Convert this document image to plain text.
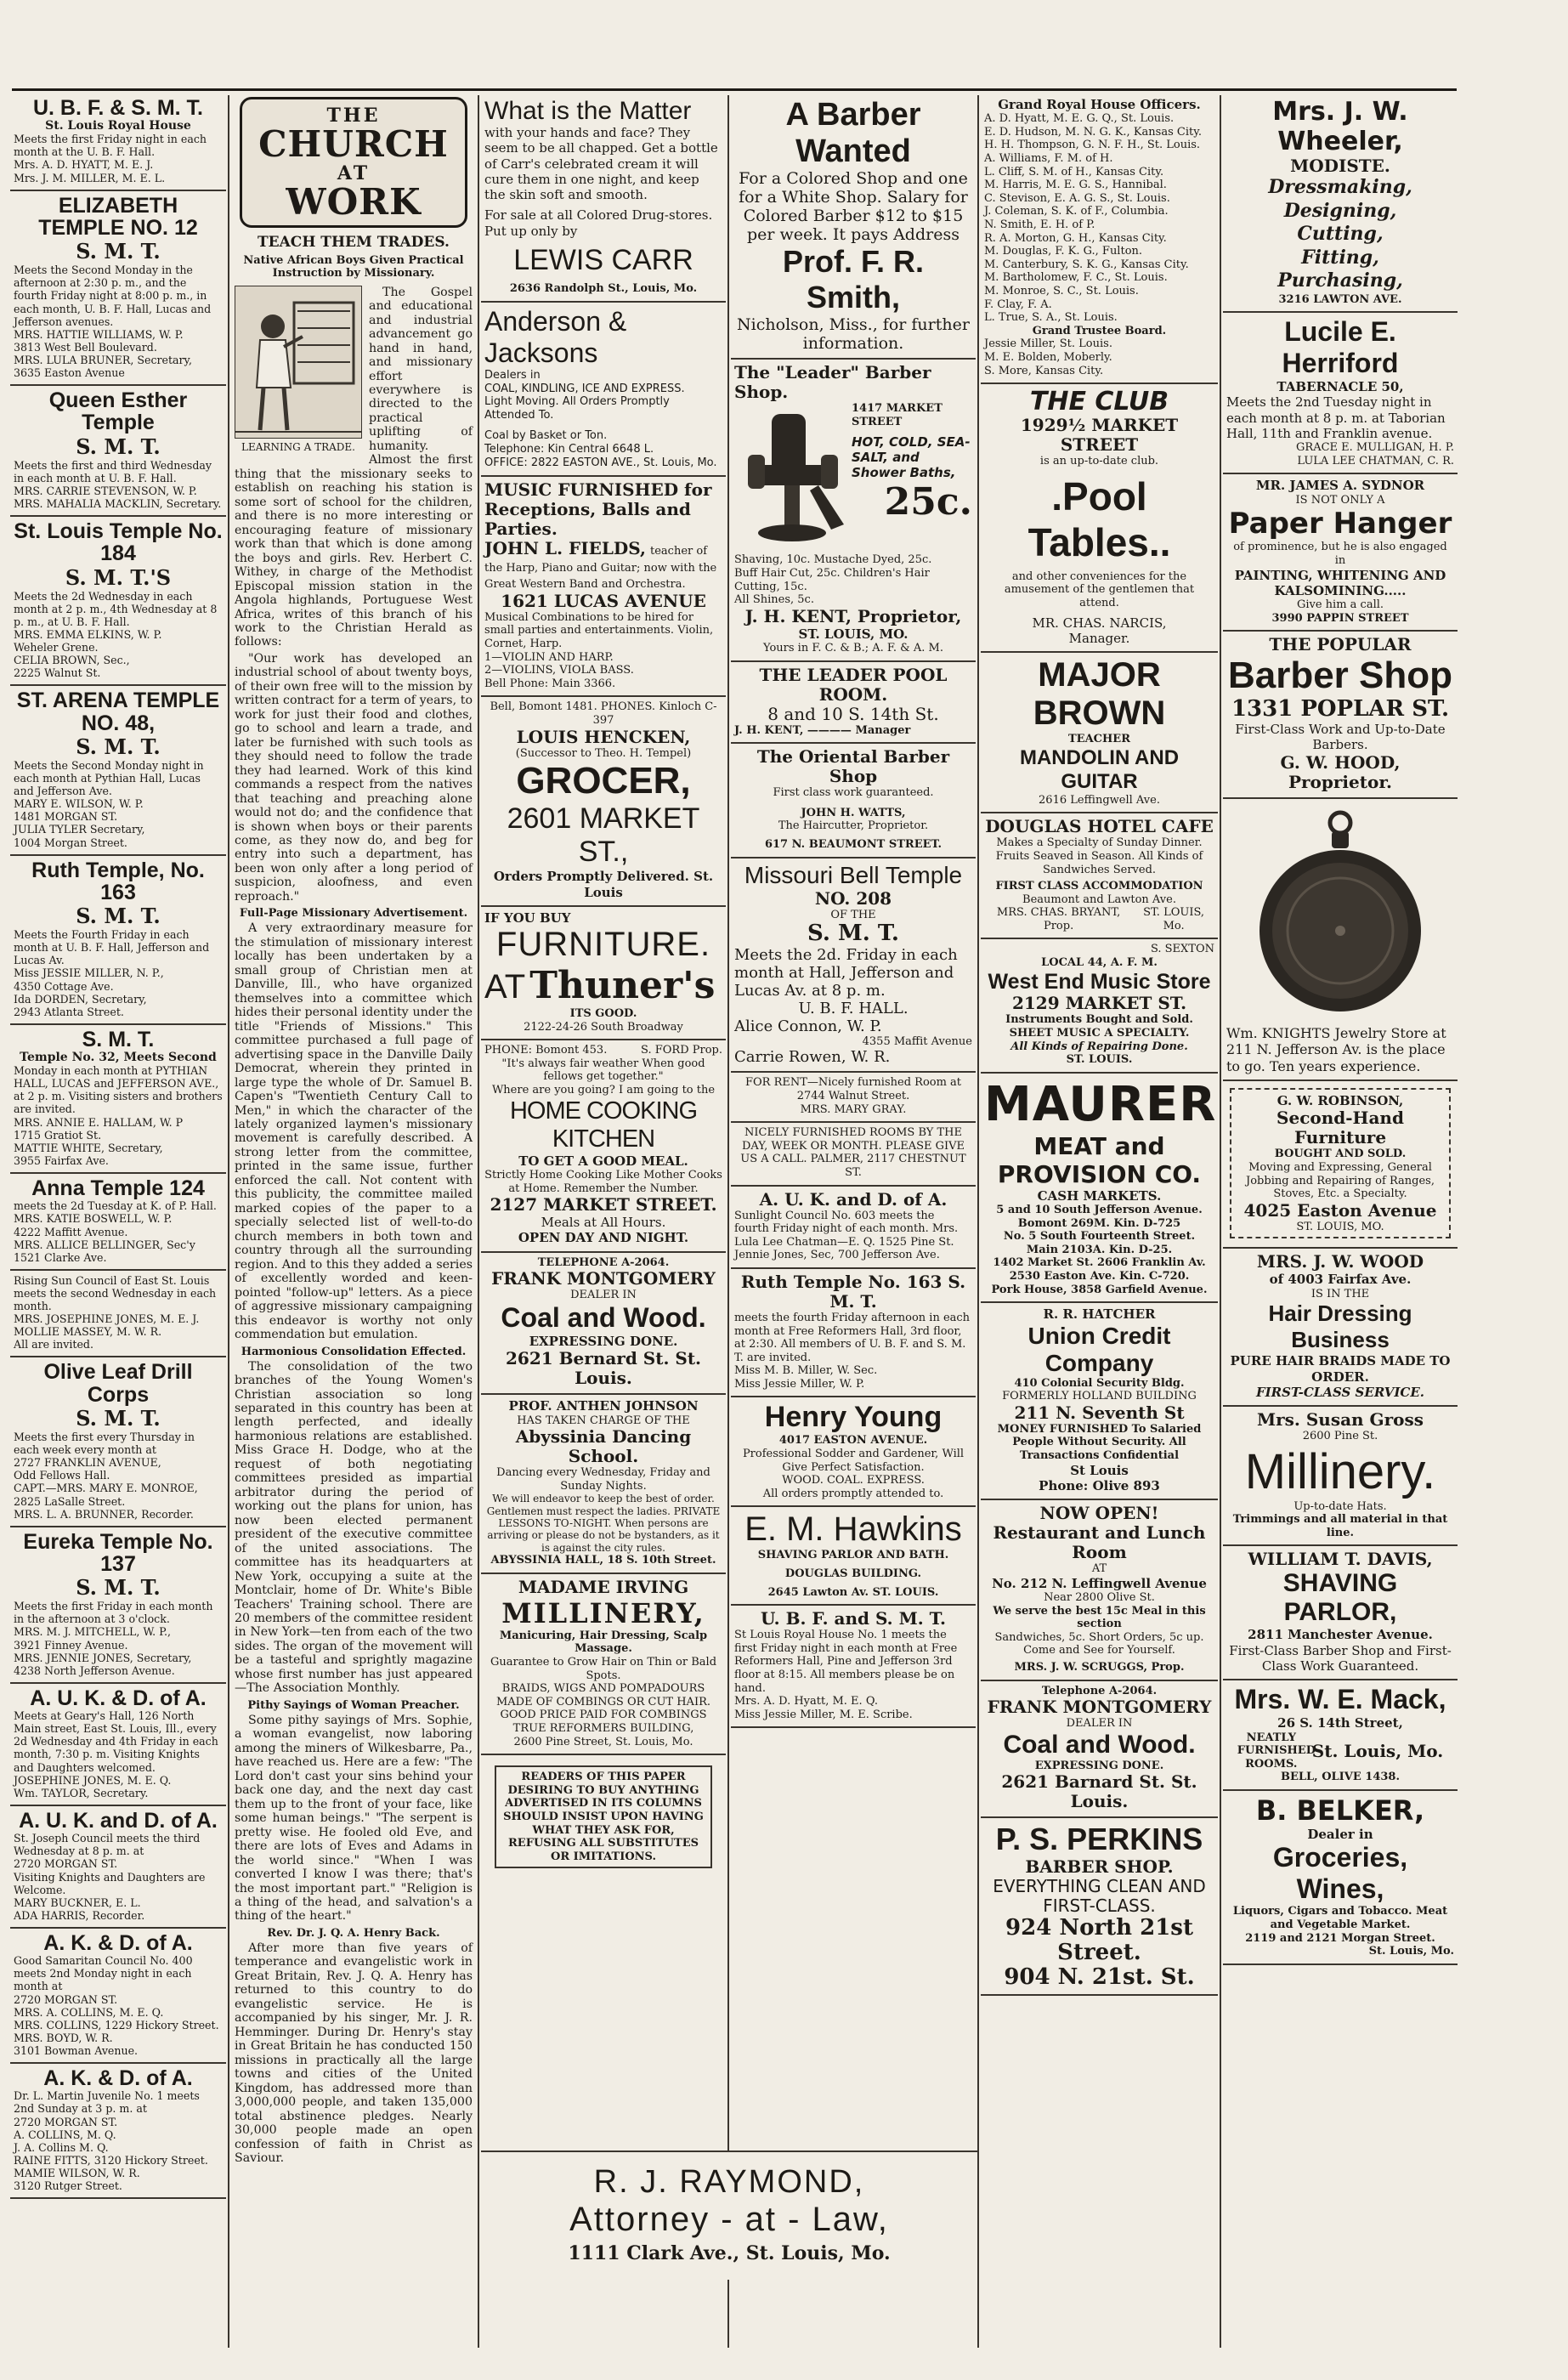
U. B. F. & S. M. T.
St. Louis Royal House
Meets the first Friday night in each month at the U. B. F. Hall.
Mrs. A. D. HYATT, M. E. J.
Mrs. J. M. MILLER, M. E. L.
ELIZABETH TEMPLE NO. 12
S. M. T.
Meets the Second Monday in the afternoon at 2:30 p. m., and the fourth Friday night at 8:00 p. m., in each month, U. B. F. Hall, Lucas and Jefferson avenues.
MRS. HATTIE WILLIAMS, W. P.
3813 West Bell Boulevard.
MRS. LULA BRUNER, Secretary,
3635 Easton Avenue
Queen Esther Temple
S. M. T.
Meets the first and third Wednesday in each month at U. B. F. Hall.
MRS. CARRIE STEVENSON, W. P.
MRS. MAHALIA MACKLIN, Secretary.
St. Louis Temple No. 184
S. M. T.'S
Meets the 2d Wednesday in each month at 2 p. m., 4th Wednesday at 8 p. m., at U. B. F. Hall.
MRS. EMMA ELKINS, W. P.
Weheler Grene.
CELIA BROWN, Sec.,
2225 Walnut St.
ST. ARENA TEMPLE NO. 48,
S. M. T.
Meets the Second Monday night in each month at Pythian Hall, Lucas and Jefferson Ave.
MARY E. WILSON, W. P.
1481 MORGAN ST.
JULIA TYLER Secretary,
1004 Morgan Street.
Ruth Temple, No. 163
S. M. T.
Meets the Fourth Friday in each month at U. B. F. Hall, Jefferson and Lucas Av.
Miss JESSIE MILLER, N. P.,
4350 Cottage Ave.
Ida DORDEN, Secretary,
2943 Atlanta Street.
S. M. T.
Temple No. 32, Meets Second
Monday in each month at PYTHIAN HALL, LUCAS and JEFFERSON AVE., at 2 p. m. Visiting sisters and brothers are invited.
MRS. ANNIE E. HALLAM, W. P
1715 Gratiot St.
MATTIE WHITE, Secretary,
3955 Fairfax Ave.
Anna Temple 124
meets the 2d Tuesday at K. of P. Hall.
MRS. KATIE BOSWELL, W. P.
4222 Maffitt Avenue.
MRS. ALLICE BELLINGER, Sec'y
1521 Clarke Ave.
Rising Sun Council of East St. Louis meets the second Wednesday in each month.
MRS. JOSEPHINE JONES, M. E. J.
MOLLIE MASSEY, M. W. R.
All are invited.
Olive Leaf Drill Corps
S. M. T.
Meets the first every Thursday in each week every month at
2727 FRANKLIN AVENUE,
Odd Fellows Hall.
CAPT.—MRS. MARY E. MONROE,
2825 LaSalle Street.
MRS. L. A. BRUNNER, Recorder.
Eureka Temple No. 137
S. M. T.
Meets the first Friday in each month in the afternoon at 3 o'clock.
MRS. M. J. MITCHELL, W. P.,
3921 Finney Avenue.
MRS. JENNIE JONES, Secretary,
4238 North Jefferson Avenue.
A. U. K. & D. of A.
Meets at Geary's Hall, 126 North Main street, East St. Louis, Ill., every 2d Wednesday and 4th Friday in each month, 7:30 p. m. Visiting Knights and Daughters welcomed.
JOSEPHINE JONES, M. E. Q.
Wm. TAYLOR, Secretary.
A. U. K. and D. of A.
St. Joseph Council meets the third Wednesday at 8 p. m. at
2720 MORGAN ST.
Visiting Knights and Daughters are Welcome.
MARY BUCKNER, E. L.
ADA HARRIS, Recorder.
A. K. & D. of A.
Good Samaritan Council No. 400 meets 2nd Monday night in each month at
2720 MORGAN ST.
MRS. A. COLLINS, M. E. Q.
MRS. COLLINS, 1229 Hickory Street.
MRS. BOYD, W. R.
3101 Bowman Avenue.
A. K. & D. of A.
Dr. L. Martin Juvenile No. 1 meets 2nd Sunday at 3 p. m. at
2720 MORGAN ST.
A. COLLINS, M. Q.
J. A. Collins M. Q.
RAINE FITTS, 3120 Hickory Street.
MAMIE WILSON, W. R.
3120 Rutger Street.
THE
CHURCH
AT
WORK
TEACH THEM TRADES.
Native African Boys Given Practical Instruction by Missionary.
LEARNING A TRADE.

The Gospel and educational and industrial advancement go hand in hand, and missionary effort everywhere is directed to the practical uplifting of humanity. Almost the first thing that the missionary seeks to establish on reaching his station is some sort of school for the children, and there is no more interesting or encouraging feature of missionary work than that which is done among the boys and girls. Rev. Herbert C. Withey, in charge of the Methodist Episcopal mission station in the Angola highlands, Portuguese West Africa, writes of this branch of his work to the Christian Herald as follows:

"Our work has developed an industrial school of about twenty boys, of their own free will to the mission by written contract for a term of years, to work for just their food and clothes, go to school and learn a trade, and later be furnished with such tools as they should need to follow the trade they had learned. Work of this kind commands a respect from the natives that teaching and preaching alone would not do; and the confidence that is shown when boys or their parents come, as they now do, and beg for entry into such a department, has been won only after a long period of suspicion, aloofness, and even reproach."

Full-Page Missionary Advertisement.

A very extraordinary measure for the stimulation of missionary interest locally has been undertaken by a small group of Christian men at Danville, Ill., who have organized themselves into a committee which hides their personal identity under the title "Friends of Missions." This committee purchased a full page of advertising space in the Danville Daily Democrat, wherein they printed in large type the whole of Dr. Samuel B. Capen's "Twentieth Century Call to Men," in which the character of the lately organized laymen's missionary movement is carefully described. A strong letter from the committee, printed in the same issue, further enforced the call. Not content with this publicity, the committee mailed marked copies of the paper to a specially selected list of well-to-do church members in both town and country through all the surrounding region. And to this they added a series of excellently worded and keen-pointed "follow-up" letters. As a piece of aggressive missionary campaigning this endeavor is worthy not only commendation but emulation.

Harmonious Consolidation Effected.

The consolidation of the two branches of the Young Women's Christian association so long separated in this country has been at length perfected, and ideally harmonious relations are established. Miss Grace H. Dodge, who at the request of both negotiating committees presided as impartial arbitrator during the period of working out the plans for union, has now been elected permanent president of the executive committee of the united associations. The committee has its headquarters at New York, occupying a suite at the Montclair, home of Dr. White's Bible Teachers' Training school. There are 20 members of the committee resident in New York—ten from each of the two sides. The organ of the movement will be a tasteful and sprightly magazine whose first number has just appeared—The Association Monthly.

Pithy Sayings of Woman Preacher.

Some pithy sayings of Mrs. Sophie, a woman evangelist, now laboring among the miners of Wilkesbarre, Pa., have reached us. Here are a few: "The Lord don't cast your sins behind your back one day, and the next day cast them up to the front of your face, like some human beings." "The serpent is pretty wise. He fooled old Eve, and there are lots of Eves and Adams in the world since." "When I was converted I know I was there; that's the most important part." "Religion is a thing of the head, and salvation's a thing of the heart."

Rev. Dr. J. Q. A. Henry Back.

After more than five years of temperance and evangelistic work in Great Britain, Rev. J. Q. A. Henry has returned to this country to do evangelistic service. He is accompanied by his singer, Mr. J. R. Hemminger. During Dr. Henry's stay in Great Britain he has conducted 150 missions in practically all the large towns and cities of the United Kingdom, has addressed more than 3,000,000 people, and taken 135,000 total abstinence pledges. Nearly 30,000 people made an open confession of faith in Christ as Saviour.

What is the Matter
with your hands and face? They seem to be all chapped. Get a bottle of Carr's celebrated cream it will cure them in one night, and keep the skin soft and smooth.
For sale at all Colored Drug-stores. Put up only by
LEWIS CARR
2636 Randolph St., Louis, Mo.
Anderson & Jacksons
Dealers in
COAL, KINDLING, ICE AND EXPRESS.
Light Moving. All Orders Promptly Attended To.
Coal by Basket or Ton.
Telephone: Kin Central 6648 L.
OFFICE: 2822 EASTON AVE., St. Louis, Mo.
MUSIC FURNISHED for Receptions, Balls and Parties.
JOHN L. FIELDS, teacher of the Harp, Piano and Guitar; now with the Great Western Band and Orchestra.
1621 LUCAS AVENUE
Musical Combinations to be hired for small parties and entertainments. Violin, Cornet, Harp.
1—VIOLIN AND HARP.
2—VIOLINS, VIOLA BASS.
Bell Phone: Main 3366.
Bell, Bomont 1481. PHONES. Kinloch C-397
LOUIS HENCKEN,
(Successor to Theo. H. Tempel)
GROCER,
2601 MARKET ST.,
Orders Promptly Delivered. St. Louis
IF YOU BUY
FURNITURE.
AT Thuner's
ITS GOOD.
2122-24-26 South Broadway
PHONE: Bomont 453.	S. FORD Prop.
"It's always fair weather When good fellows get together."
Where are you going? I am going to the
HOME COOKING KITCHEN
TO GET A GOOD MEAL.
Strictly Home Cooking Like Mother Cooks at Home. Remember the Number.
2127 MARKET STREET.
Meals at All Hours.
OPEN DAY AND NIGHT.
TELEPHONE A-2064.
FRANK MONTGOMERY
DEALER IN
Coal and Wood.
EXPRESSING DONE.
2621 Bernard St. St. Louis.
PROF. ANTHEN JOHNSON
HAS TAKEN CHARGE OF THE
Abyssinia Dancing School.
Dancing every Wednesday, Friday and Sunday Nights.
We will endeavor to keep the best of order. Gentlemen must respect the ladies. PRIVATE LESSONS TO-NIGHT. When persons are arriving or please do not be bystanders, as it is against the city rules.
ABYSSINIA HALL, 18 S. 10th Street.
MADAME IRVING
MILLINERY,
Manicuring, Hair Dressing, Scalp Massage.
Guarantee to Grow Hair on Thin or Bald Spots.
BRAIDS, WIGS AND POMPADOURS MADE OF COMBINGS OR CUT HAIR.
GOOD PRICE PAID FOR COMBINGS
TRUE REFORMERS BUILDING,
2600 Pine Street, St. Louis, Mo.
READERS OF THIS PAPER DESIRING TO BUY ANYTHING ADVERTISED IN ITS COLUMNS SHOULD INSIST UPON HAVING WHAT THEY ASK FOR, REFUSING ALL SUBSTITUTES OR IMITATIONS.
R. J. RAYMOND,
Attorney - at - Law,
1111 Clark Ave., St. Louis, Mo.
A Barber Wanted
For a Colored Shop and one for a White Shop. Salary for Colored Barber $12 to $15 per week. It pays Address
Prof. F. R. Smith,
Nicholson, Miss., for further information.
The "Leader" Barber Shop.
1417 MARKET STREET
HOT, COLD, SEA-SALT, and Shower Baths,
25c.
Shaving, 10c. Mustache Dyed, 25c.
Buff Hair Cut, 25c. Children's Hair Cutting, 15c.
All Shines, 5c.
J. H. KENT, Proprietor,
ST. LOUIS, MO.
Yours in F. C. & B.; A. F. & A. M.
THE LEADER POOL ROOM.
8 and 10 S. 14th St.
J. H. KENT, ———— Manager
The Oriental Barber Shop
First class work guaranteed.
JOHN H. WATTS,
The Haircutter, Proprietor.
617 N. BEAUMONT STREET.
Missouri Bell Temple
NO. 208
OF THE
S. M. T.
Meets the 2d. Friday in each month at Hall, Jefferson and Lucas Av. at 8 p. m.
U. B. F. HALL.
Alice Connon, W. P.
4355 Maffit Avenue
Carrie Rowen, W. R.
FOR RENT—Nicely furnished Room at 2744 Walnut Street.
MRS. MARY GRAY.
NICELY FURNISHED ROOMS BY THE DAY, WEEK OR MONTH. PLEASE GIVE US A CALL. PALMER, 2117 CHESTNUT ST.
A. U. K. and D. of A.
Sunlight Council No. 603 meets the fourth Friday night of each month. Mrs. Lula Lee Chatman—E. Q. 1525 Pine St. Jennie Jones, Sec, 700 Jefferson Ave.
Ruth Temple No. 163 S. M. T.
meets the fourth Friday afternoon in each month at Free Reformers Hall, 3rd floor, at 2:30. All members of U. B. F. and S. M. T. are invited.
Miss M. B. Miller, W. Sec.
Miss Jessie Miller, W. P.
Henry Young
4017 EASTON AVENUE.
Professional Sodder and Gardener, Will Give Perfect Satisfaction.
WOOD. COAL. EXPRESS.
All orders promptly attended to.
E. M. Hawkins
SHAVING PARLOR AND BATH.
DOUGLAS BUILDING.
2645 Lawton Av. ST. LOUIS.
U. B. F. and S. M. T.
St Louis Royal House No. 1 meets the first Friday night in each month at Free Reformers Hall, Pine and Jefferson 3rd floor at 8:15. All members please be on hand.
Mrs. A. D. Hyatt, M. E. Q.
Miss Jessie Miller, M. E. Scribe.
Grand Royal House Officers.
A. D. Hyatt, M. E. G. Q., St. Louis.
E. D. Hudson, M. N. G. K., Kansas City.
H. H. Thompson, G. N. F. H., St. Louis.
A. Williams, F. M. of H.
L. Cliff, S. M. of H., Kansas City.
M. Harris, M. E. G. S., Hannibal.
C. Stevison, E. A. G. S., St. Louis.
J. Coleman, S. K. of F., Columbia.
N. Smith, E. H. of P.
R. A. Morton, G. H., Kansas City.
M. Douglas, F. K. G., Fulton.
M. Canterbury, S. K. G., Kansas City.
M. Bartholomew, F. C., St. Louis.
M. Monroe, S. C., St. Louis.
F. Clay, F. A.
L. True, S. A., St. Louis.
Grand Trustee Board.
Jessie Miller, St. Louis.
M. E. Bolden, Moberly.
S. More, Kansas City.
THE CLUB
1929½ MARKET STREET
is an up-to-date club.
.Pool Tables..
and other conveniences for the amusement of the gentlemen that attend.
MR. CHAS. NARCIS,
Manager.
MAJOR BROWN
TEACHER
MANDOLIN AND GUITAR
2616 Leffingwell Ave.
DOUGLAS HOTEL CAFE
Makes a Specialty of Sunday Dinner. Fruits Seaved in Season. All Kinds of Sandwiches Served.
FIRST CLASS ACCOMMODATION
Beaumont and Lawton Ave.
MRS. CHAS. BRYANT, Prop.
ST. LOUIS, Mo.
S. SEXTON
LOCAL 44, A. F. M.
West End Music Store
2129 MARKET ST.
Instruments Bought and Sold.
SHEET MUSIC A SPECIALTY.
All Kinds of Repairing Done.
ST. LOUIS.
MAURER
MEAT and PROVISION CO.
CASH MARKETS.
5 and 10 South Jefferson Avenue.
Bomont 269M. Kin. D-725
No. 5 South Fourteenth Street.
Main 2103A. Kin. D-25.
1402 Market St. 2606 Franklin Av.
2530 Easton Ave. Kin. C-720.
Pork House, 3858 Garfield Avenue.
R. R. HATCHER
Union Credit Company
410 Colonial Security Bldg.
FORMERLY HOLLAND BUILDING
211 N. Seventh St
MONEY FURNISHED To Salaried People Without Security. All Transactions Confidential
St Louis
Phone: Olive 893
NOW OPEN!
Restaurant and Lunch Room
AT
No. 212 N. Leffingwell Avenue
Near 2800 Olive St.
We serve the best 15c Meal in this section
Sandwiches, 5c. Short Orders, 5c up. Come and See for Yourself.
MRS. J. W. SCRUGGS, Prop.
Telephone A-2064.
FRANK MONTGOMERY
DEALER IN
Coal and Wood.
EXPRESSING DONE.
2621 Barnard St. St. Louis.
P. S. PERKINS
BARBER SHOP.
EVERYTHING CLEAN AND FIRST-CLASS.
924 North 21st Street.
904 N. 21st. St.
Mrs. J. W. Wheeler,
MODISTE.
Dressmaking,
Designing,
Cutting,
Fitting,
Purchasing,
3216 LAWTON AVE.
Lucile E. Herriford
TABERNACLE 50,
Meets the 2nd Tuesday night in each month at 8 p. m. at Taborian Hall, 11th and Franklin avenue.
GRACE E. MULLIGAN, H. P.
LULA LEE CHATMAN, C. R.
MR. JAMES A. SYDNOR
IS NOT ONLY A
Paper Hanger
of prominence, but he is also engaged in
PAINTING, WHITENING AND KALSOMINING.....
Give him a call.
3990 PAPPIN STREET
THE POPULAR
Barber Shop
1331 POPLAR ST.
First-Class Work and Up-to-Date Barbers.
G. W. HOOD, Proprietor.
Wm. KNIGHTS Jewelry Store at 211 N. Jefferson Av. is the place to go. Ten years experience.
G. W. ROBINSON,
Second-Hand Furniture
BOUGHT AND SOLD.
Moving and Expressing, General Jobbing and Repairing of Ranges, Stoves, Etc. a Specialty.
4025 Easton Avenue
ST. LOUIS, MO.
MRS. J. W. WOOD
of 4003 Fairfax Ave.
IS IN THE
Hair Dressing Business
PURE HAIR BRAIDS MADE TO ORDER.
FIRST-CLASS SERVICE.
Mrs. Susan Gross
2600 Pine St.
Millinery.
Up-to-date Hats.
Trimmings and all material in that line.
WILLIAM T. DAVIS,
SHAVING PARLOR,
2811 Manchester Avenue.
First-Class Barber Shop and First-Class Work Guaranteed.
Mrs. W. E. Mack,
26 S. 14th Street,
NEATLY FURNISHED ROOMS.
St. Louis, Mo.
BELL, OLIVE 1438.
B. BELKER,
Dealer in
Groceries, Wines,
Liquors, Cigars and Tobacco. Meat and Vegetable Market.
2119 and 2121 Morgan Street.
St. Louis, Mo.
